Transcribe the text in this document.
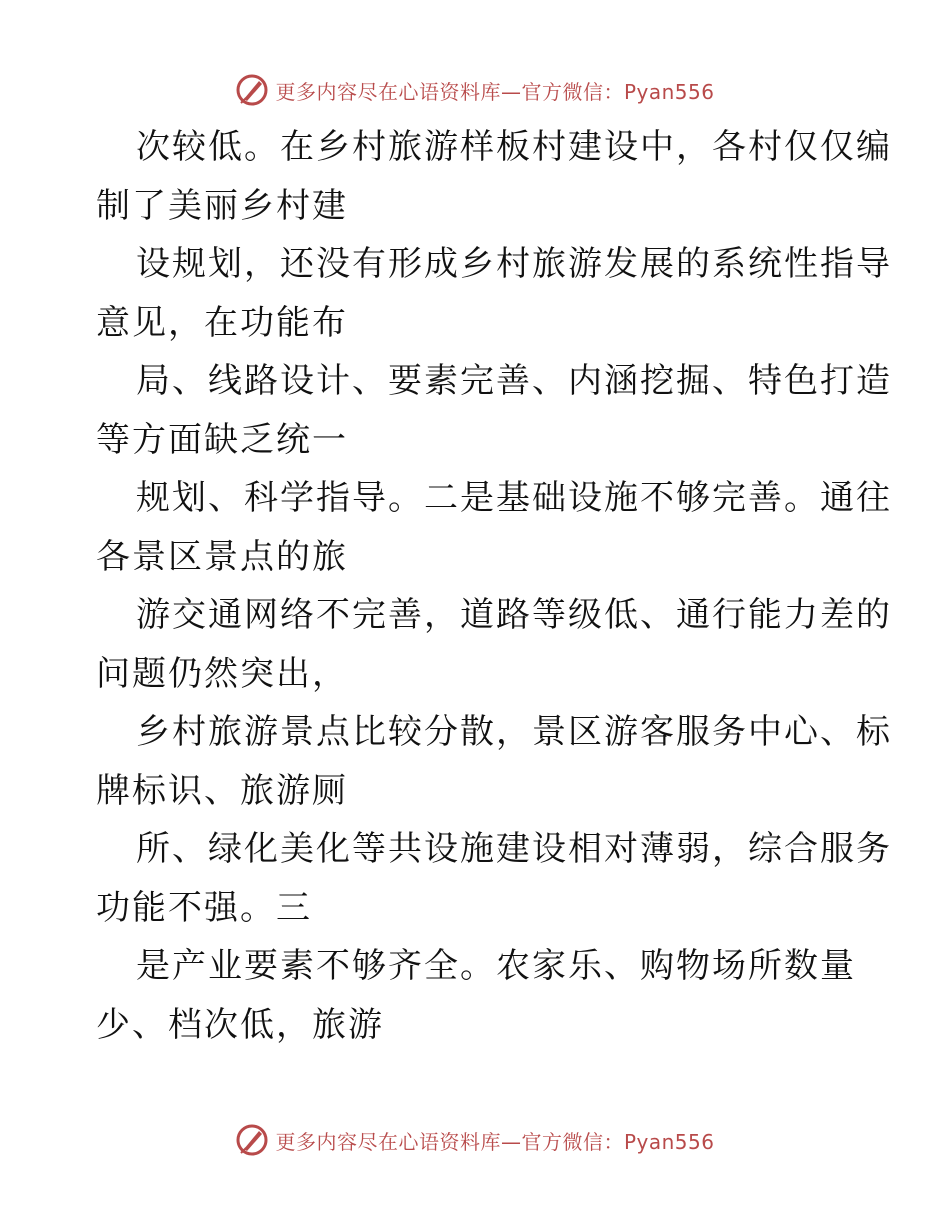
更多内容尽在心语资料库—官方微信：Pyan556
次较低。在乡村旅游样板村建设中，各村仅仅编
制了美丽乡村建
设规划，还没有形成乡村旅游发展的系统性指导
意见，在功能布
局、线路设计、要素完善、内涵挖掘、特色打造
等方面缺乏统一
规划、科学指导。二是基础设施不够完善。通往
各景区景点的旅
游交通网络不完善，道路等级低、通行能力差的
问题仍然突出，
乡村旅游景点比较分散，景区游客服务中心、标
牌标识、旅游厕
所、绿化美化等共设施建设相对薄弱，综合服务
功能不强。三
是产业要素不够齐全。农家乐、购物场所数量
少、档次低，旅游
更多内容尽在心语资料库—官方微信：Pyan556
